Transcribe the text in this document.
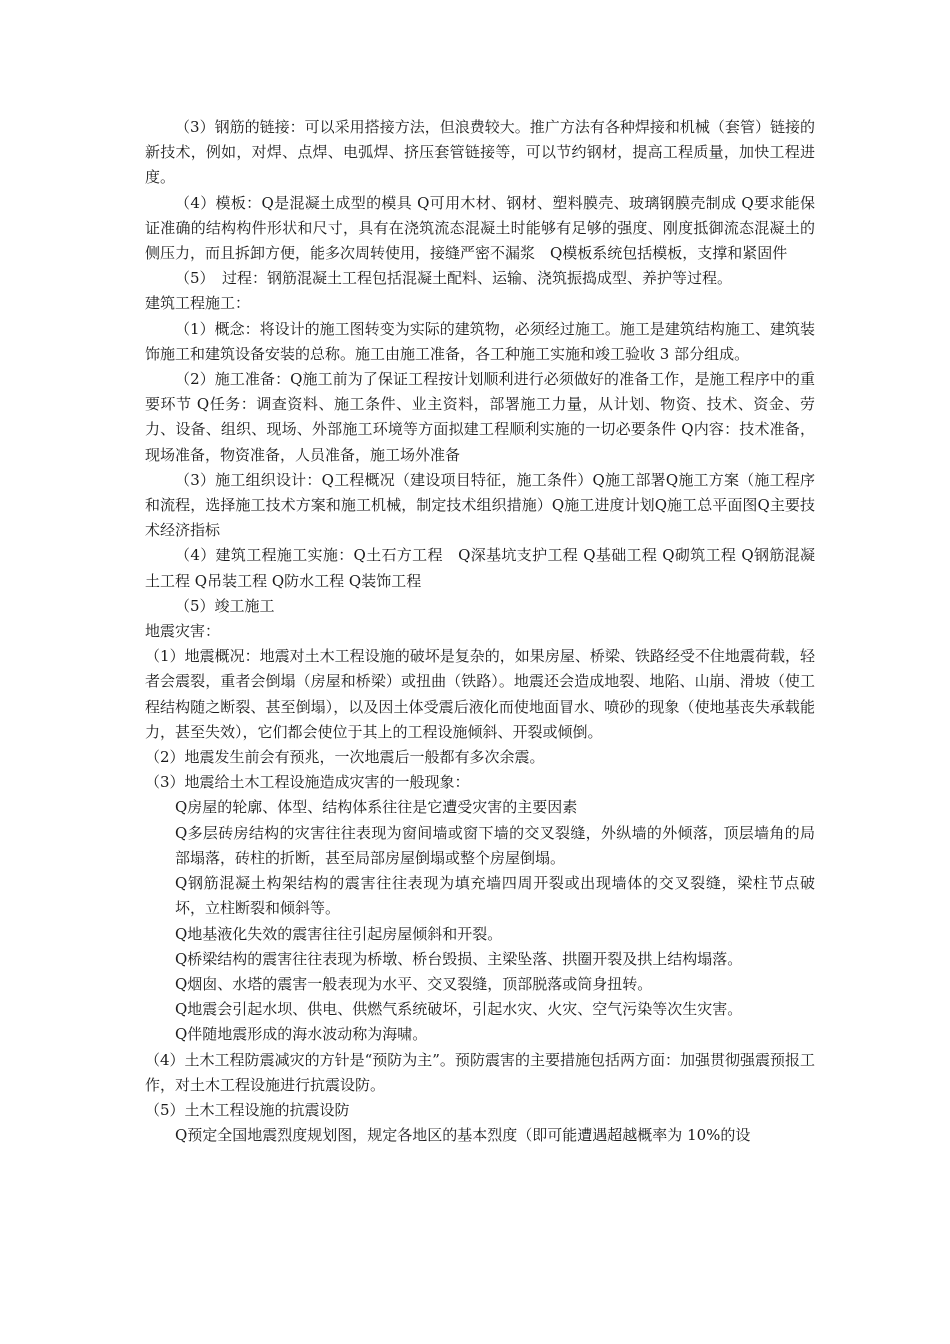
（3）钢筋的链接：可以采用搭接方法，但浪费较大。推广方法有各种焊接和机械（套管）链接的新技术，例如，对焊、点焊、电弧焊、挤压套管链接等，可以节约钢材，提高工程质量，加快工程进度。

（4）模板：Q是混凝土成型的模具 Q可用木材、钢材、塑料膜壳、玻璃钢膜壳制成 Q要求能保证准确的结构构件形状和尺寸，具有在浇筑流态混凝土时能够有足够的强度、刚度抵御流态混凝土的侧压力，而且拆卸方便，能多次周转使用，接缝严密不漏浆　Q模板系统包括模板，支撑和紧固件

（5）　过程：钢筋混凝土工程包括混凝土配料、运输、浇筑振捣成型、养护等过程。

建筑工程施工：

（1）概念：将设计的施工图转变为实际的建筑物，必须经过施工。施工是建筑结构施工、建筑装饰施工和建筑设备安装的总称。施工由施工准备，各工种施工实施和竣工验收 3 部分组成。

（2）施工准备：Q施工前为了保证工程按计划顺利进行必须做好的准备工作，是施工程序中的重要环节 Q任务：调查资料、施工条件、业主资料，部署施工力量，从计划、物资、技术、资金、劳力、设备、组织、现场、外部施工环境等方面拟建工程顺利实施的一切必要条件 Q内容：技术准备，现场准备，物资准备，人员准备，施工场外准备

（3）施工组织设计：Q工程概况（建设项目特征，施工条件）Q施工部署Q施工方案（施工程序和流程，选择施工技术方案和施工机械，制定技术组织措施）Q施工进度计划Q施工总平面图Q主要技术经济指标

（4）建筑工程施工实施：Q土石方工程　Q深基坑支护工程 Q基础工程 Q砌筑工程 Q钢筋混凝土工程 Q吊装工程 Q防水工程 Q装饰工程

（5）竣工施工

地震灾害：

（1）地震概况：地震对土木工程设施的破坏是复杂的，如果房屋、桥梁、铁路经受不住地震荷载，轻者会震裂，重者会倒塌（房屋和桥梁）或扭曲（铁路）。地震还会造成地裂、地陷、山崩、滑坡（使工程结构随之断裂、甚至倒塌），以及因土体受震后液化而使地面冒水、喷砂的现象（使地基丧失承载能力，甚至失效），它们都会使位于其上的工程设施倾斜、开裂或倾倒。

（2）地震发生前会有预兆，一次地震后一般都有多次余震。

（3）地震给土木工程设施造成灾害的一般现象：

Q房屋的轮廓、体型、结构体系往往是它遭受灾害的主要因素

Q多层砖房结构的灾害往往表现为窗间墙或窗下墙的交叉裂缝，外纵墙的外倾落，顶层墙角的局部塌落，砖柱的折断，甚至局部房屋倒塌或整个房屋倒塌。

Q钢筋混凝土构架结构的震害往往表现为填充墙四周开裂或出现墙体的交叉裂缝，梁柱节点破坏，立柱断裂和倾斜等。

Q地基液化失效的震害往往引起房屋倾斜和开裂。

Q桥梁结构的震害往往表现为桥墩、桥台毁损、主梁坠落、拱圈开裂及拱上结构塌落。

Q烟囱、水塔的震害一般表现为水平、交叉裂缝，顶部脱落或筒身扭转。

Q地震会引起水坝、供电、供燃气系统破坏，引起水灾、火灾、空气污染等次生灾害。

Q伴随地震形成的海水波动称为海啸。

（4）土木工程防震减灾的方针是“预防为主”。预防震害的主要措施包括两方面：加强贯彻强震预报工作，对土木工程设施进行抗震设防。

（5）土木工程设施的抗震设防

Q预定全国地震烈度规划图，规定各地区的基本烈度（即可能遭遇超越概率为 10%的设
